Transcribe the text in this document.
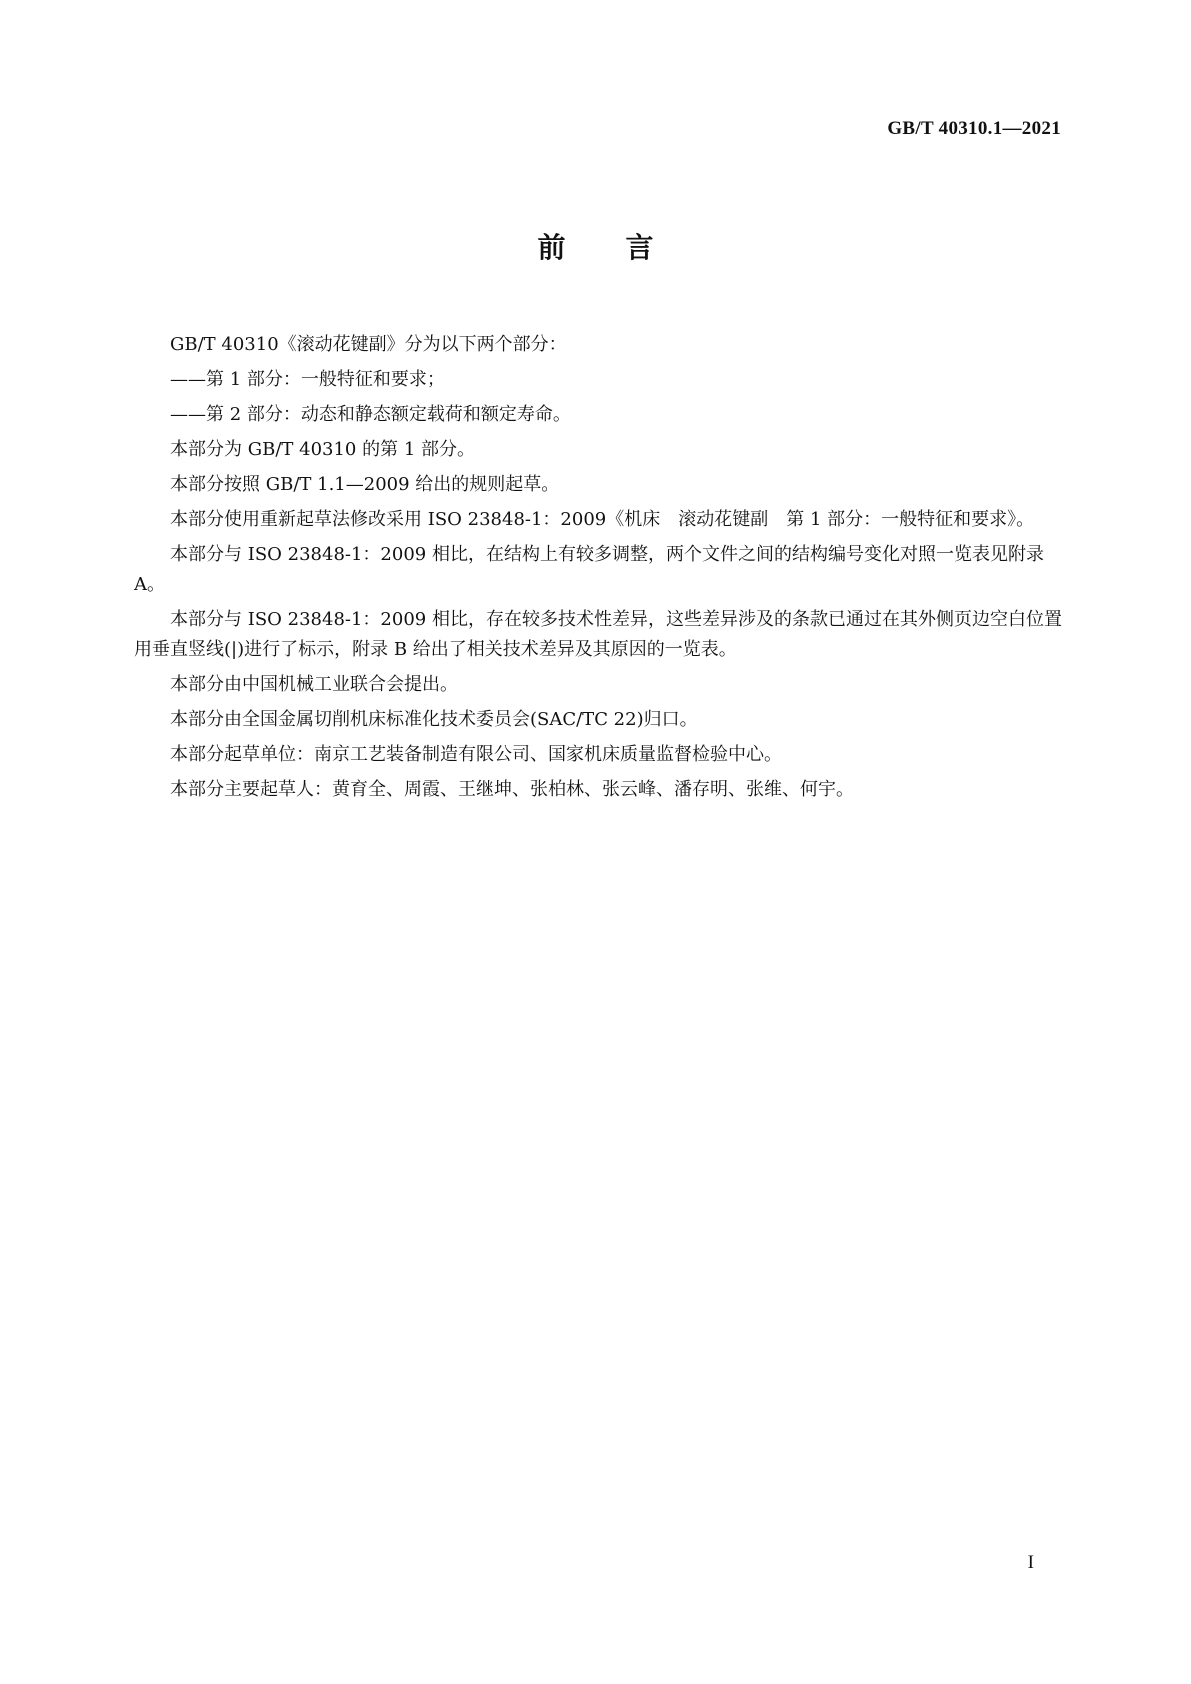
GB/T 40310.1—2021
前言

GB/T 40310《滚动花键副》分为以下两个部分：

——第 1 部分：一般特征和要求；

——第 2 部分：动态和静态额定载荷和额定寿命。

本部分为 GB/T 40310 的第 1 部分。

本部分按照 GB/T 1.1—2009 给出的规则起草。

本部分使用重新起草法修改采用 ISO 23848-1：2009《机床　滚动花键副　第 1 部分：一般特征和要求》。

本部分与 ISO 23848-1：2009 相比，在结构上有较多调整，两个文件之间的结构编号变化对照一览表见附录 A。

本部分与 ISO 23848-1：2009 相比，存在较多技术性差异，这些差异涉及的条款已通过在其外侧页边空白位置用垂直竖线(|)进行了标示，附录 B 给出了相关技术差异及其原因的一览表。

本部分由中国机械工业联合会提出。

本部分由全国金属切削机床标准化技术委员会(SAC/TC 22)归口。

本部分起草单位：南京工艺装备制造有限公司、国家机床质量监督检验中心。

本部分主要起草人：黄育全、周霞、王继坤、张柏林、张云峰、潘存明、张维、何宇。

I
